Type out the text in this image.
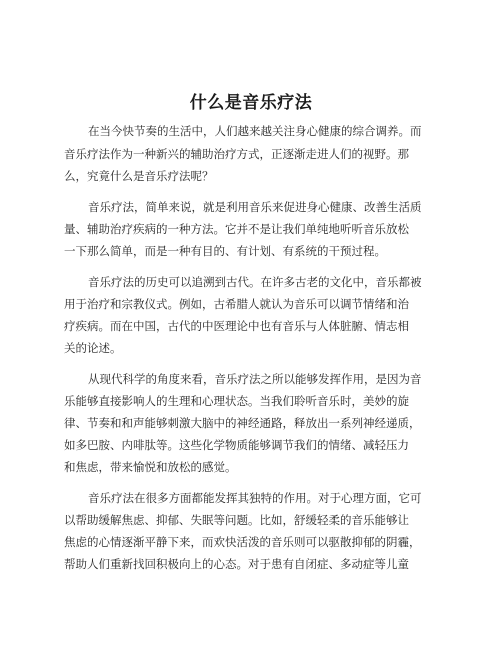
什么是音乐疗法
在当今快节奏的生活中，人们越来越关注身心健康的综合调养。而
音乐疗法作为一种新兴的辅助治疗方式，正逐渐走进人们的视野。那
么，究竟什么是音乐疗法呢？
音乐疗法，简单来说，就是利用音乐来促进身心健康、改善生活质
量、辅助治疗疾病的一种方法。它并不是让我们单纯地听听音乐放松
一下那么简单，而是一种有目的、有计划、有系统的干预过程。
音乐疗法的历史可以追溯到古代。在许多古老的文化中，音乐都被
用于治疗和宗教仪式。例如，古希腊人就认为音乐可以调节情绪和治
疗疾病。而在中国，古代的中医理论中也有音乐与人体脏腑、情志相
关的论述。
从现代科学的角度来看，音乐疗法之所以能够发挥作用，是因为音
乐能够直接影响人的生理和心理状态。当我们聆听音乐时，美妙的旋
律、节奏和和声能够刺激大脑中的神经通路，释放出一系列神经递质，
如多巴胺、内啡肽等。这些化学物质能够调节我们的情绪、减轻压力
和焦虑，带来愉悦和放松的感觉。
音乐疗法在很多方面都能发挥其独特的作用。对于心理方面，它可
以帮助缓解焦虑、抑郁、失眠等问题。比如，舒缓轻柔的音乐能够让
焦虑的心情逐渐平静下来，而欢快活泼的音乐则可以驱散抑郁的阴霾，
帮助人们重新找回积极向上的心态。对于患有自闭症、多动症等儿童
